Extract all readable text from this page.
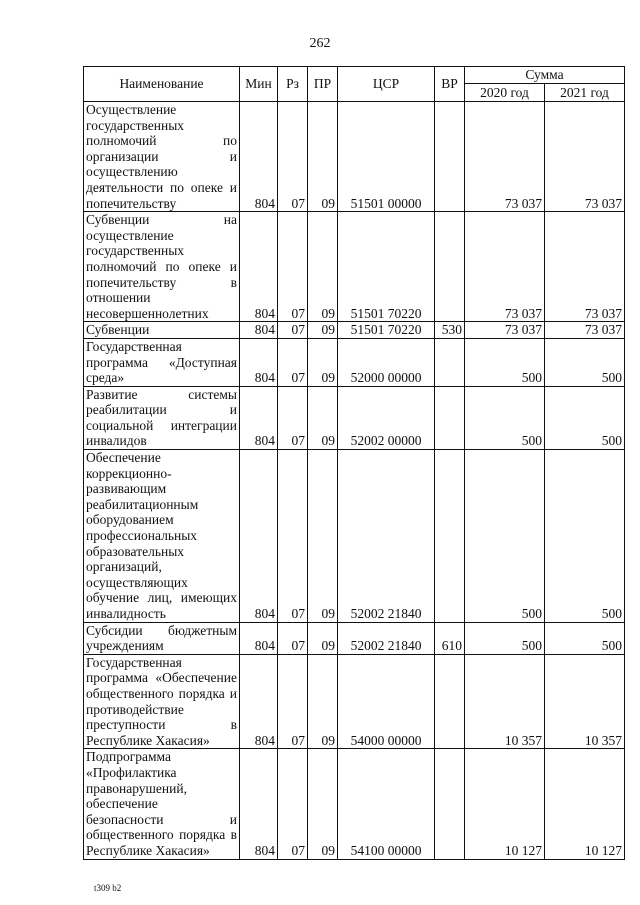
262
Наименование	Мин	Рз	ПР	ЦСР	ВР	Сумма	
						2020 год	2021 год

Осуществление государственных полномочий по организации и осуществлению деятельности по опеке и попечительству	804	07	09	51501 00000		73 037	73 037

Субвенции на осуществление государственных полномочий по опеке и попечительству в отношении несовершеннолетних	804	07	09	51501 70220		73 037	73 037

Субвенции	804	07	09	51501 70220	530	73 037	73 037

Государственная программа «Доступная среда»	804	07	09	52000 00000		500	500

Развитие системы реабилитации и социальной интеграции инвалидов	804	07	09	52002 00000		500	500

Обеспечение коррекционно-развивающим реабилитационным оборудованием профессиональных образовательных организаций, осуществляющих обучение лиц, имеющих инвалидность	804	07	09	52002 21840		500	500

Субсидии бюджетным учреждениям	804	07	09	52002 21840	610	500	500

Государственная программа «Обеспечение общественного порядка и противодействие преступности в Республике Хакасия»	804	07	09	54000 00000		10 357	10 357

Подпрограмма «Профилактика правонарушений, обеспечение безопасности и общественного порядка в Республике Хакасия»	804	07	09	54100 00000		10 127	10 127
t309 b2
